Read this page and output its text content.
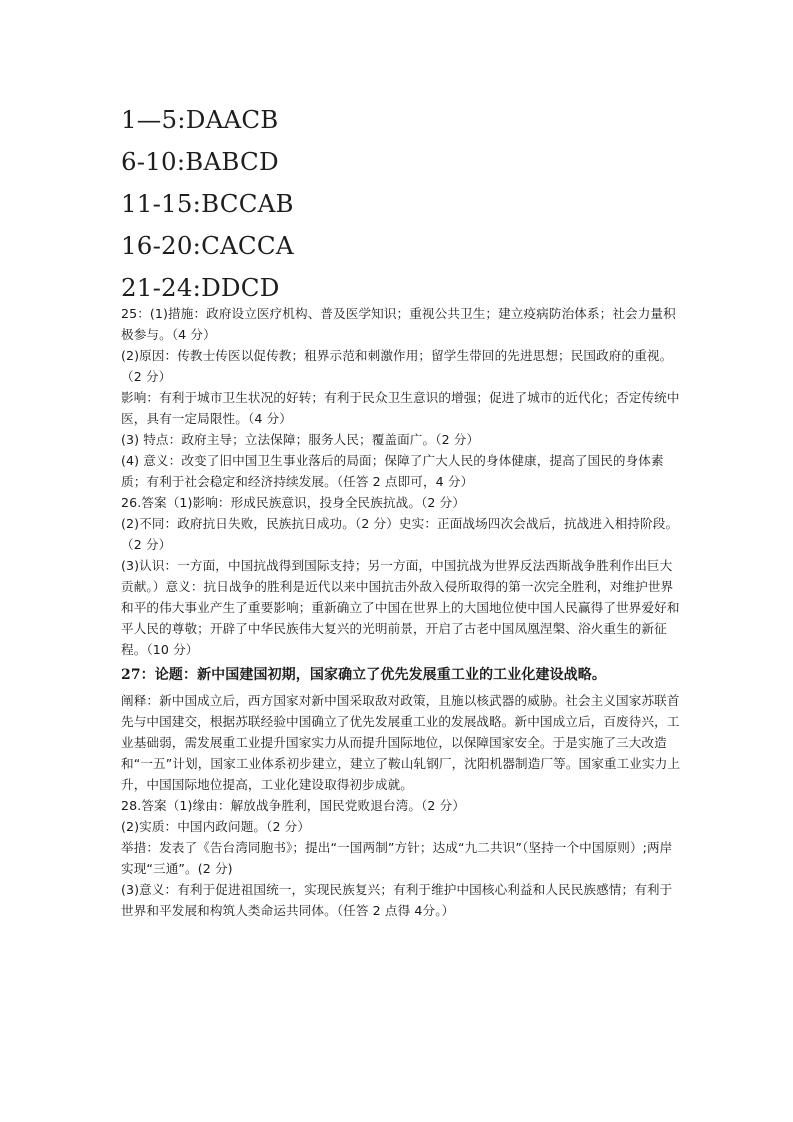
1—5:DAACB
6-10:BABCD
11-15:BCCAB
16-20:CACCA
21-24:DDCD

25：(1)措施：政府设立医疗机构、普及医学知识；重视公共卫生；建立疫病防治体系；社会力量积极参与。（4 分）

(2)原因：传教士传医以促传教；租界示范和刺激作用；留学生带回的先进思想；民国政府的重视。（2 分）

影响：有利于城市卫生状况的好转；有利于民众卫生意识的增强；促进了城市的近代化；否定传统中医，具有一定局限性。（4 分）

(3) 特点：政府主导；立法保障；服务人民；覆盖面广。（2 分）

(4) 意义：改变了旧中国卫生事业落后的局面；保障了广大人民的身体健康，提高了国民的身体素质；有利于社会稳定和经济持续发展。（任答 2 点即可，4 分）

26.答案（1)影响：形成民族意识，投身全民族抗战。（2 分）

(2)不同：政府抗日失败，民族抗日成功。（2 分）史实：正面战场四次会战后，抗战进入相持阶段。（2 分）

(3)认识：一方面，中国抗战得到国际支持；另一方面，中国抗战为世界反法西斯战争胜利作出巨大贡献。）意义：抗日战争的胜利是近代以来中国抗击外敌入侵所取得的第一次完全胜利，对维护世界和平的伟大事业产生了重要影响；重新确立了中国在世界上的大国地位使中国人民赢得了世界爱好和平人民的尊敬；开辟了中华民族伟大复兴的光明前景，开启了古老中国凤凰涅槃、浴火重生的新征程。（10 分）

27：论题：新中国建国初期，国家确立了优先发展重工业的工业化建设战略。

阐释：新中国成立后，西方国家对新中国采取敌对政策，且施以核武器的威胁。社会主义国家苏联首先与中国建交，根据苏联经验中国确立了优先发展重工业的发展战略。新中国成立后，百废待兴，工业基础弱，需发展重工业提升国家实力从而提升国际地位，以保障国家安全。于是实施了三大改造和“一五”计划，国家工业体系初步建立，建立了鞍山轧钢厂，沈阳机器制造厂等。国家重工业实力上升，中国国际地位提高，工业化建设取得初步成就。

28.答案（1)缘由：解放战争胜利，国民党败退台湾。（2 分）

(2)实质：中国内政问题。（2 分）

举措：发表了《告台湾同胞书》；提出“一国两制”方针；达成“九二共识”（坚持一个中国原则）;两岸实现“三通”。(2 分)

(3)意义：有利于促进祖国统一，实现民族复兴；有利于维护中国核心利益和人民民族感情；有利于世界和平发展和构筑人类命运共同体。（任答 2 点得 4分。）
